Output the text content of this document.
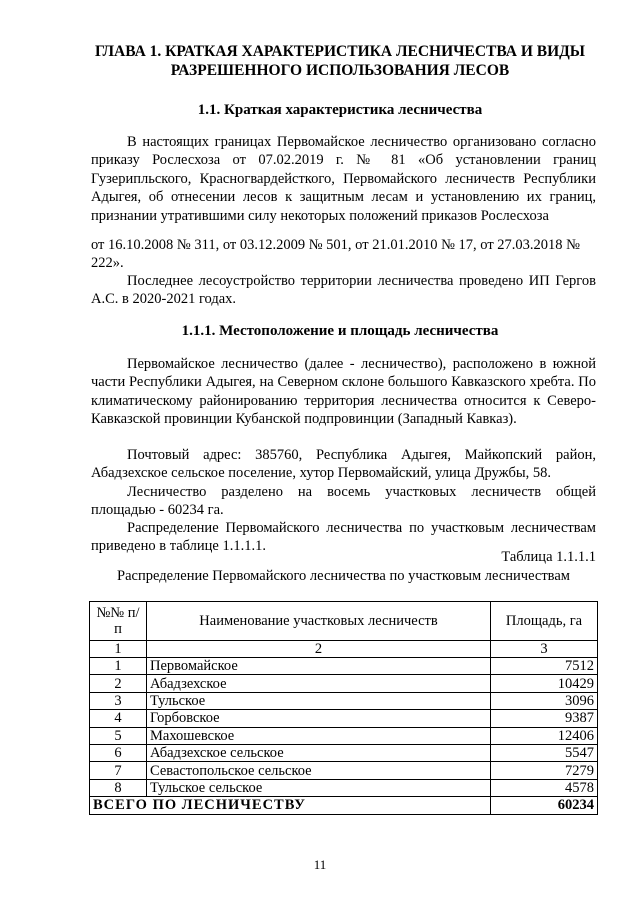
ГЛАВА 1. КРАТКАЯ ХАРАКТЕРИСТИКА ЛЕСНИЧЕСТВА И ВИДЫ РАЗРЕШЕННОГО ИСПОЛЬЗОВАНИЯ ЛЕСОВ
1.1. Краткая характеристика лесничества

В настоящих границах Первомайское лесничество организовано согласно приказу Рослесхоза от 07.02.2019 г. № 81 «Об установлении границ Гузерипльского, Красногвардейсткого, Первомайского лесничеств Республики Адыгея, об отнесении лесов к защитным лесам и установлению их границ, признании утратившими силу некоторых положений приказов Рослесхоза

от 16.10.2008 № 311, от 03.12.2009 № 501, от 21.01.2010 № 17, от 27.03.2018 № 222».

Последнее лесоустройство территории лесничества проведено ИП Гергов А.С. в 2020-2021 годах.

1.1.1. Местоположение и площадь лесничества

Первомайское лесничество (далее - лесничество), расположено в южной части Республики Адыгея, на Северном склоне большого Кавказского хребта. По климатическому районированию территория лесничества относится к Северо-Кавказской провинции Кубанской подпровинции (Западный Кавказ).

Почтовый адрес: 385760, Республика Адыгея, Майкопский район, Абадзехское сельское поселение, хутор Первомайский, улица Дружбы, 58.

Лесничество разделено на восемь участковых лесничеств общей площадью - 60234 га.

Распределение Первомайского лесничества по участковым лесничествам приведено в таблице 1.1.1.1.

Таблица 1.1.1.1
Распределение Первомайского лесничества по участковым лесничествам
№№ п/п	Наименование участковых лесничеств	Площадь, га
1	2	3
1	Первомайское	7512
2	Абадзехское	10429
3	Тульское	3096
4	Горбовское	9387
5	Махошевское	12406
6	Абадзехское сельское	5547
7	Севастопольское сельское	7279
8	Тульское сельское	4578
ВСЕГО ПО ЛЕСНИЧЕСТВУ		60234
11
